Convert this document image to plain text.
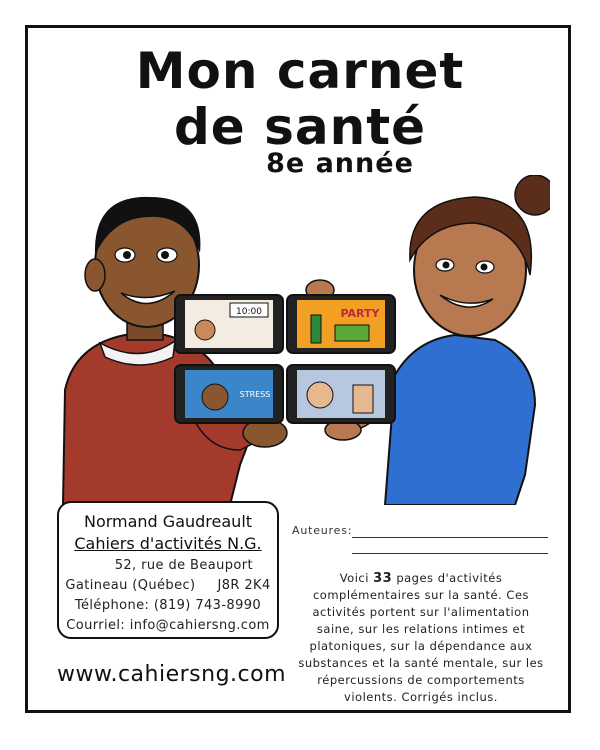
Mon carnet
de santé
8e année
10:00	PARTY
STRESS
Normand Gaudreault
Cahiers d'activités N.G.
52, rue de Beauport
Gatineau (Québec) J8R 2K4
Téléphone: (819) 743-8990
Courriel: info@cahiersng.com
www.cahiersng.com
Auteures:
Voici 33 pages d'activités complémentaires sur la santé. Ces activités portent sur l'alimentation saine, sur les relations intimes et platoniques, sur la dépendance aux substances et la santé mentale, sur les répercussions de comportements violents. Corrigés inclus.
